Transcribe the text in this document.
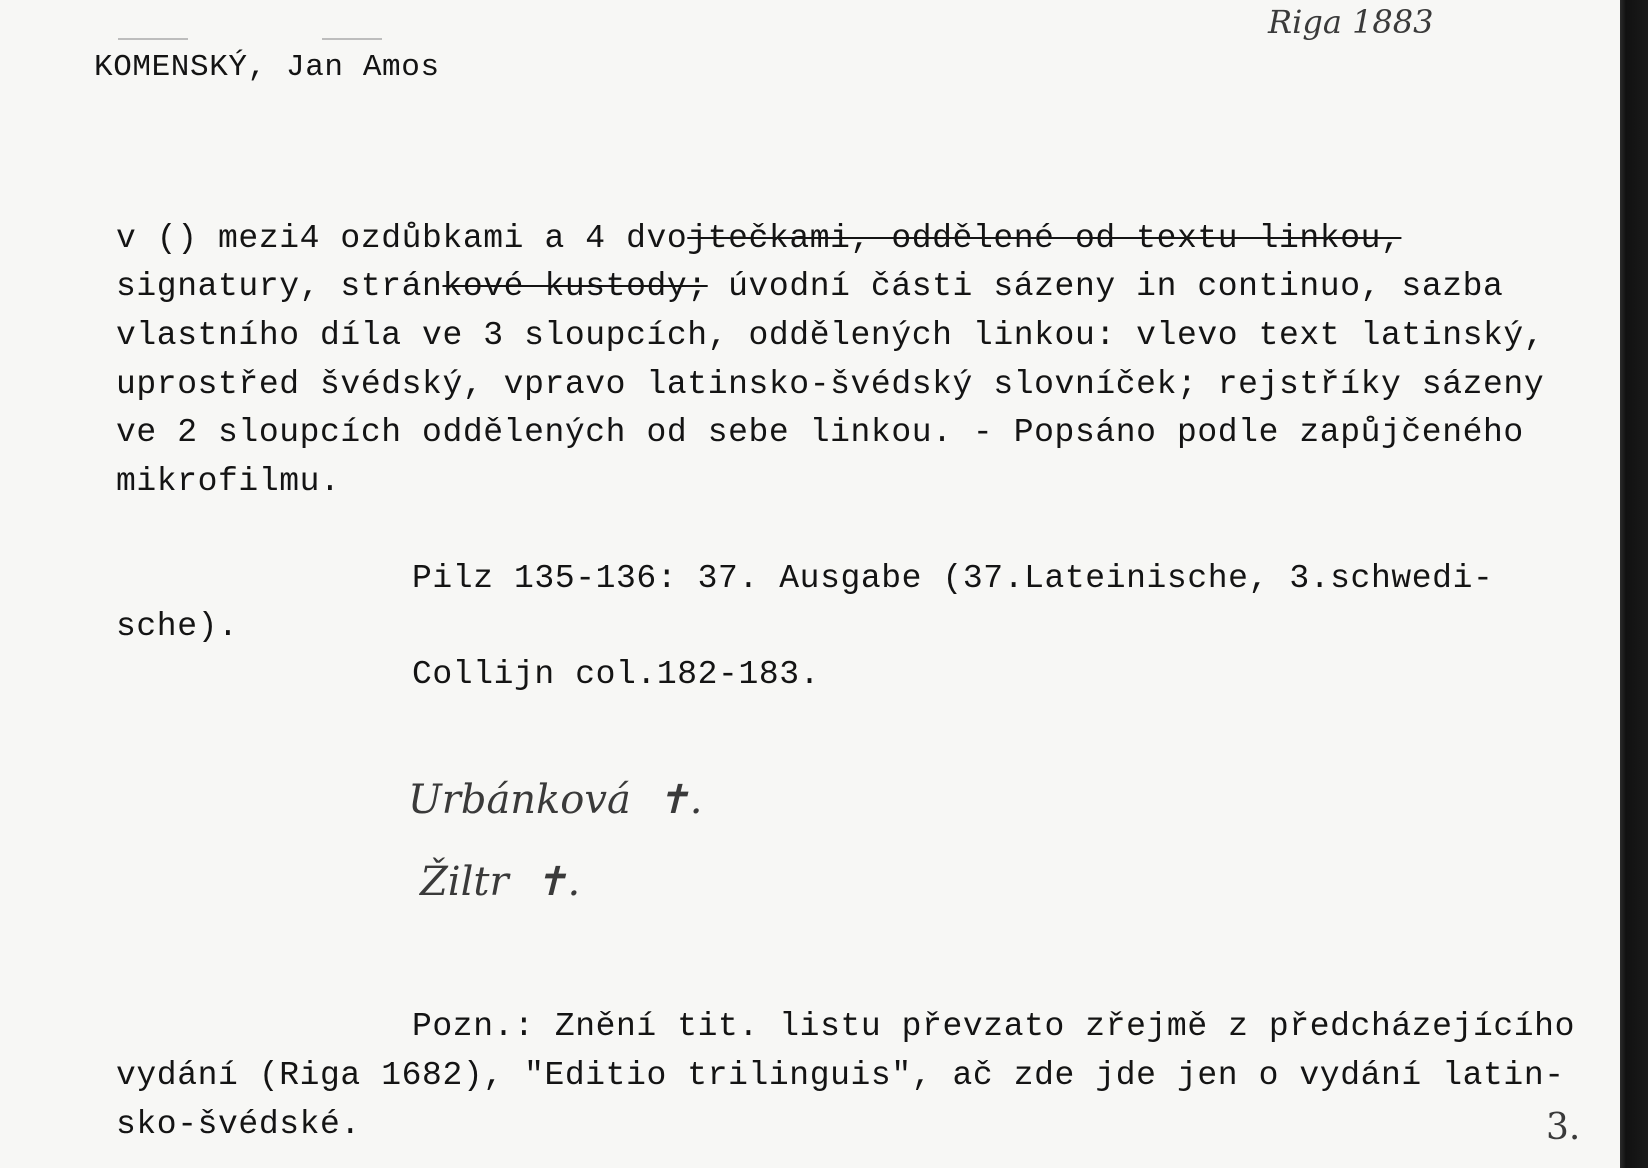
Riga 1883
KOMENSKÝ, Jan Amos
v () mezi4 ozdůbkami a 4 dvojtečkami, oddělené od textu linkou,
signatury, stránkové kustody; úvodní části sázeny in continuo, sazba
vlastního díla ve 3 sloupcích, oddělených linkou: vlevo text latinský,
uprostřed švédský, vpravo latinsko-švédský slovníček; rejstříky sázeny
ve 2 sloupcích oddělených od sebe linkou. - Popsáno podle zapůjčeného
mikrofilmu.
Pilz 135-136: 37. Ausgabe (37.Lateinische, 3.schwedi-
sche).
Collijn col.182-183.
Urbánková  ✝.
Žiltr  ✝.
Pozn.: Znění tit. listu převzato zřejmě z předcházejícího
vydání (Riga 1682), "Editio trilinguis", ač zde jde jen o vydání latin-
sko-švédské.	3.
